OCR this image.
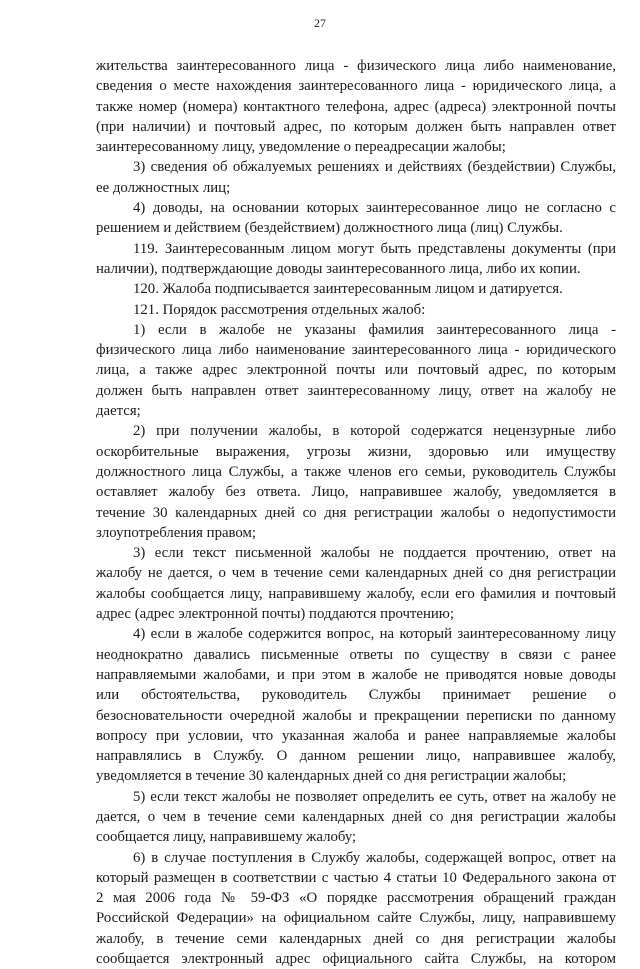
27
жительства заинтересованного лица - физического лица либо наименование,
сведения о месте нахождения заинтересованного лица - юридического лица, а
также номер (номера) контактного телефона, адрес (адреса) электронной почты
(при наличии) и почтовый адрес, по которым должен быть направлен ответ
заинтересованному лицу, уведомление о переадресации жалобы;
3) сведения об обжалуемых решениях и действиях (бездействии) Службы,
ее должностных лиц;
4) доводы, на основании которых заинтересованное лицо не согласно с
решением и действием (бездействием) должностного лица (лиц) Службы.
119. Заинтересованным лицом могут быть представлены документы (при
наличии), подтверждающие доводы заинтересованного лица, либо их копии.
120. Жалоба подписывается заинтересованным лицом и датируется.
121. Порядок рассмотрения отдельных жалоб:
1) если в жалобе не указаны фамилия заинтересованного лица -
физического лица либо наименование заинтересованного лица - юридического
лица, а также адрес электронной почты или почтовый адрес, по которым
должен быть направлен ответ заинтересованному лицу, ответ на жалобу не
дается;
2) при получении жалобы, в которой содержатся нецензурные либо
оскорбительные выражения, угрозы жизни, здоровью или имуществу
должностного лица Службы, а также членов его семьи, руководитель Службы
оставляет жалобу без ответа. Лицо, направившее жалобу, уведомляется в
течение 30 календарных дней со дня регистрации жалобы о недопустимости
злоупотребления правом;
3) если текст письменной жалобы не поддается прочтению, ответ на
жалобу не дается, о чем в течение семи календарных дней со дня регистрации
жалобы сообщается лицу, направившему жалобу, если его фамилия и почтовый
адрес (адрес электронной почты) поддаются прочтению;
4) если в жалобе содержится вопрос, на который заинтересованному лицу
неоднократно давались письменные ответы по существу в связи с ранее
направляемыми жалобами, и при этом в жалобе не приводятся новые доводы
или обстоятельства, руководитель Службы принимает решение о
безосновательности очередной жалобы и прекращении переписки по данному
вопросу при условии, что указанная жалоба и ранее направляемые жалобы
направлялись в Службу. О данном решении лицо, направившее жалобу,
уведомляется в течение 30 календарных дней со дня регистрации жалобы;
5) если текст жалобы не позволяет определить ее суть, ответ на жалобу не
дается, о чем в течение семи календарных дней со дня регистрации жалобы
сообщается лицу, направившему жалобу;
6) в случае поступления в Службу жалобы, содержащей вопрос, ответ на
который размещен в соответствии с частью 4 статьи 10 Федерального закона от
2 мая 2006 года № 59-ФЗ «О порядке рассмотрения обращений граждан
Российской Федерации» на официальном сайте Службы, лицу, направившему
жалобу, в течение семи календарных дней со дня регистрации жалобы
сообщается электронный адрес официального сайта Службы, на котором
